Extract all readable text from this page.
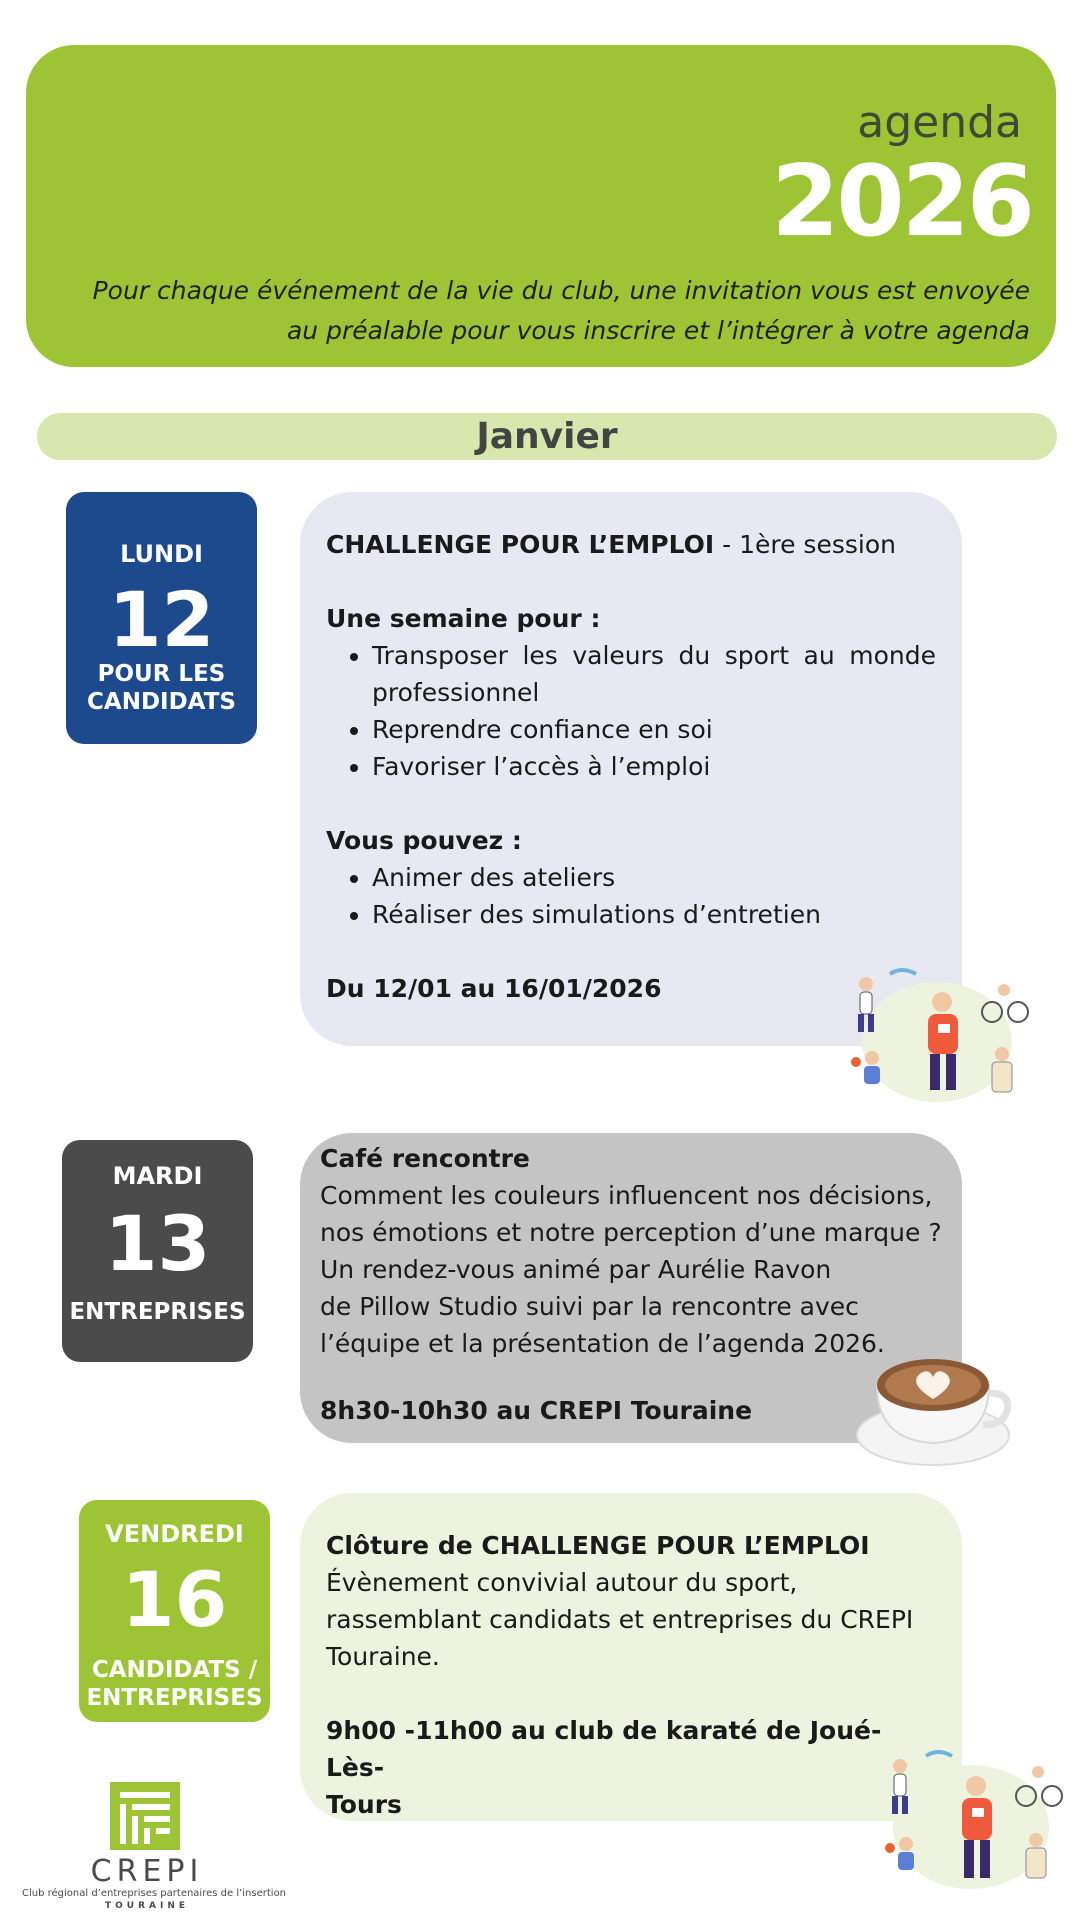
agenda
2026
Pour chaque événement de la vie du club, une invitation vous est envoyée
au préalable pour vous inscrire et l’intégrer à votre agenda
Janvier
LUNDI
12
POUR LES
CANDIDATS
CHALLENGE POUR L’EMPLOI - 1ère session
Une semaine pour :
• Transposer les valeurs du sport au monde professionnel
• Reprendre confiance en soi
• Favoriser l’accès à l’emploi
Vous pouvez :
• Animer des ateliers
• Réaliser des simulations d’entretien
Du 12/01 au 16/01/2026
MARDI
13
ENTREPRISES
Café rencontre
Comment les couleurs influencent nos décisions,
nos émotions et notre perception d’une marque ?
Un rendez-vous animé par Aurélie Ravon
de Pillow Studio suivi par la rencontre avec
l’équipe et la présentation de l’agenda 2026.
8h30-10h30 au CREPI Touraine
VENDREDI
16
CANDIDATS /
ENTREPRISES
Clôture de CHALLENGE POUR L’EMPLOI
Évènement convivial autour du sport,
rassemblant candidats et entreprises du CREPI
Touraine.
9h00 -11h00 au club de karaté de Joué-Lès-
Tours
CREPI
Club régional d’entreprises partenaires de l’insertion
TOURAINE
